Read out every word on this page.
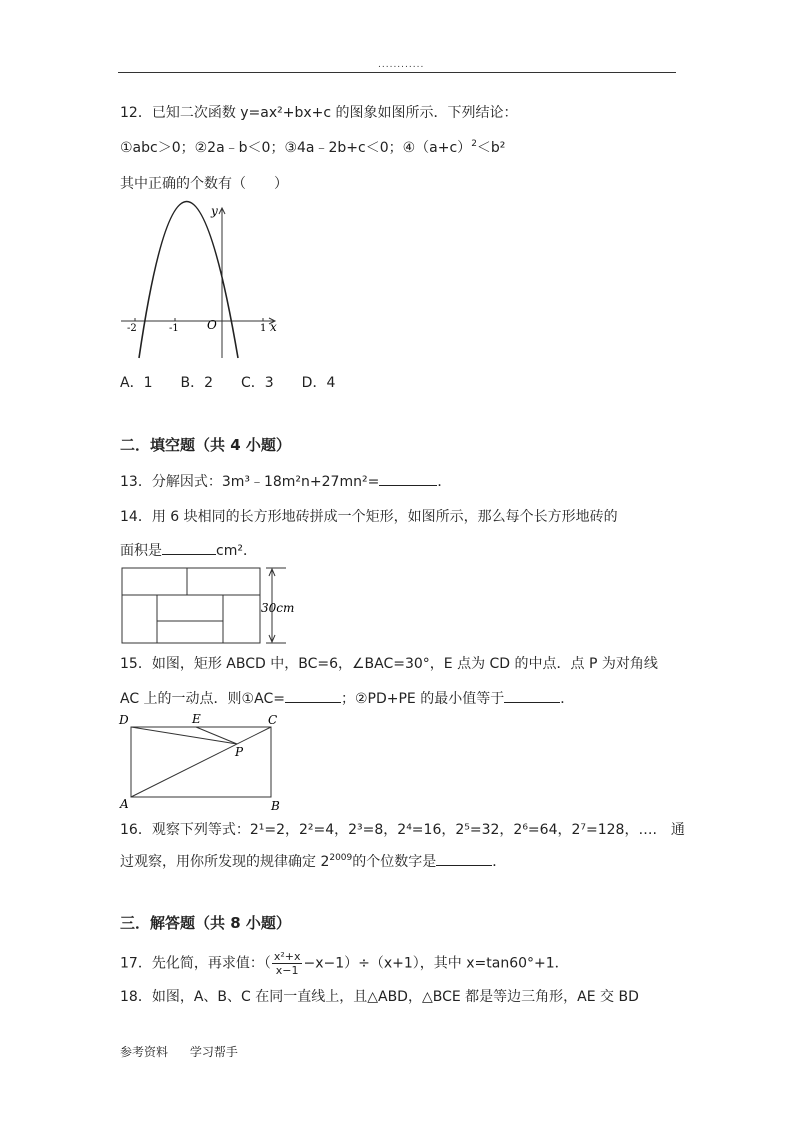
............
12．已知二次函数 y=ax²+bx+c 的图象如图所示．下列结论：
①abc＞0；②2a﹣b＜0；③4a﹣2b+c＜0；$④(a+c)^2<b^2$
其中正确的个数有（　　）
y
x
O
-2	-1	1
A．1　　B．2　　C．3　　D．4
二．填空题（共 4 小题）
13．分解因式：3m³﹣18m²n+27mn²=	．
14．用 6 块相同的长方形地砖拼成一个矩形，如图所示，那么每个长方形地砖的
面积是	cm²．
30cm
15．如图，矩形 ABCD 中，BC=6，∠BAC=30°，E 点为 CD 的中点．点 P 为对角线
AC 上的一动点．则①AC=	；②PD+PE 的最小值等于	．
D	E	C
P
A	B
16．观察下列等式：2¹=2，2²=4，2³=8，2⁴=16，2⁵=32，2⁶=64，2⁷=128，….　通
过观察，用你所发现的规律确定 $2^{2009}$的个位数字是	．
三．解答题（共 8 小题）
17．先化简，再求值：（ $\frac{\text{x²+x}}{x-1} -x-1)\div(x+1)$，其中 x=tan60°+1．
18．如图，A、B、C 在同一直线上，且△ABD，△BCE 都是等边三角形，AE 交 BD
参考资料 学习帮手
